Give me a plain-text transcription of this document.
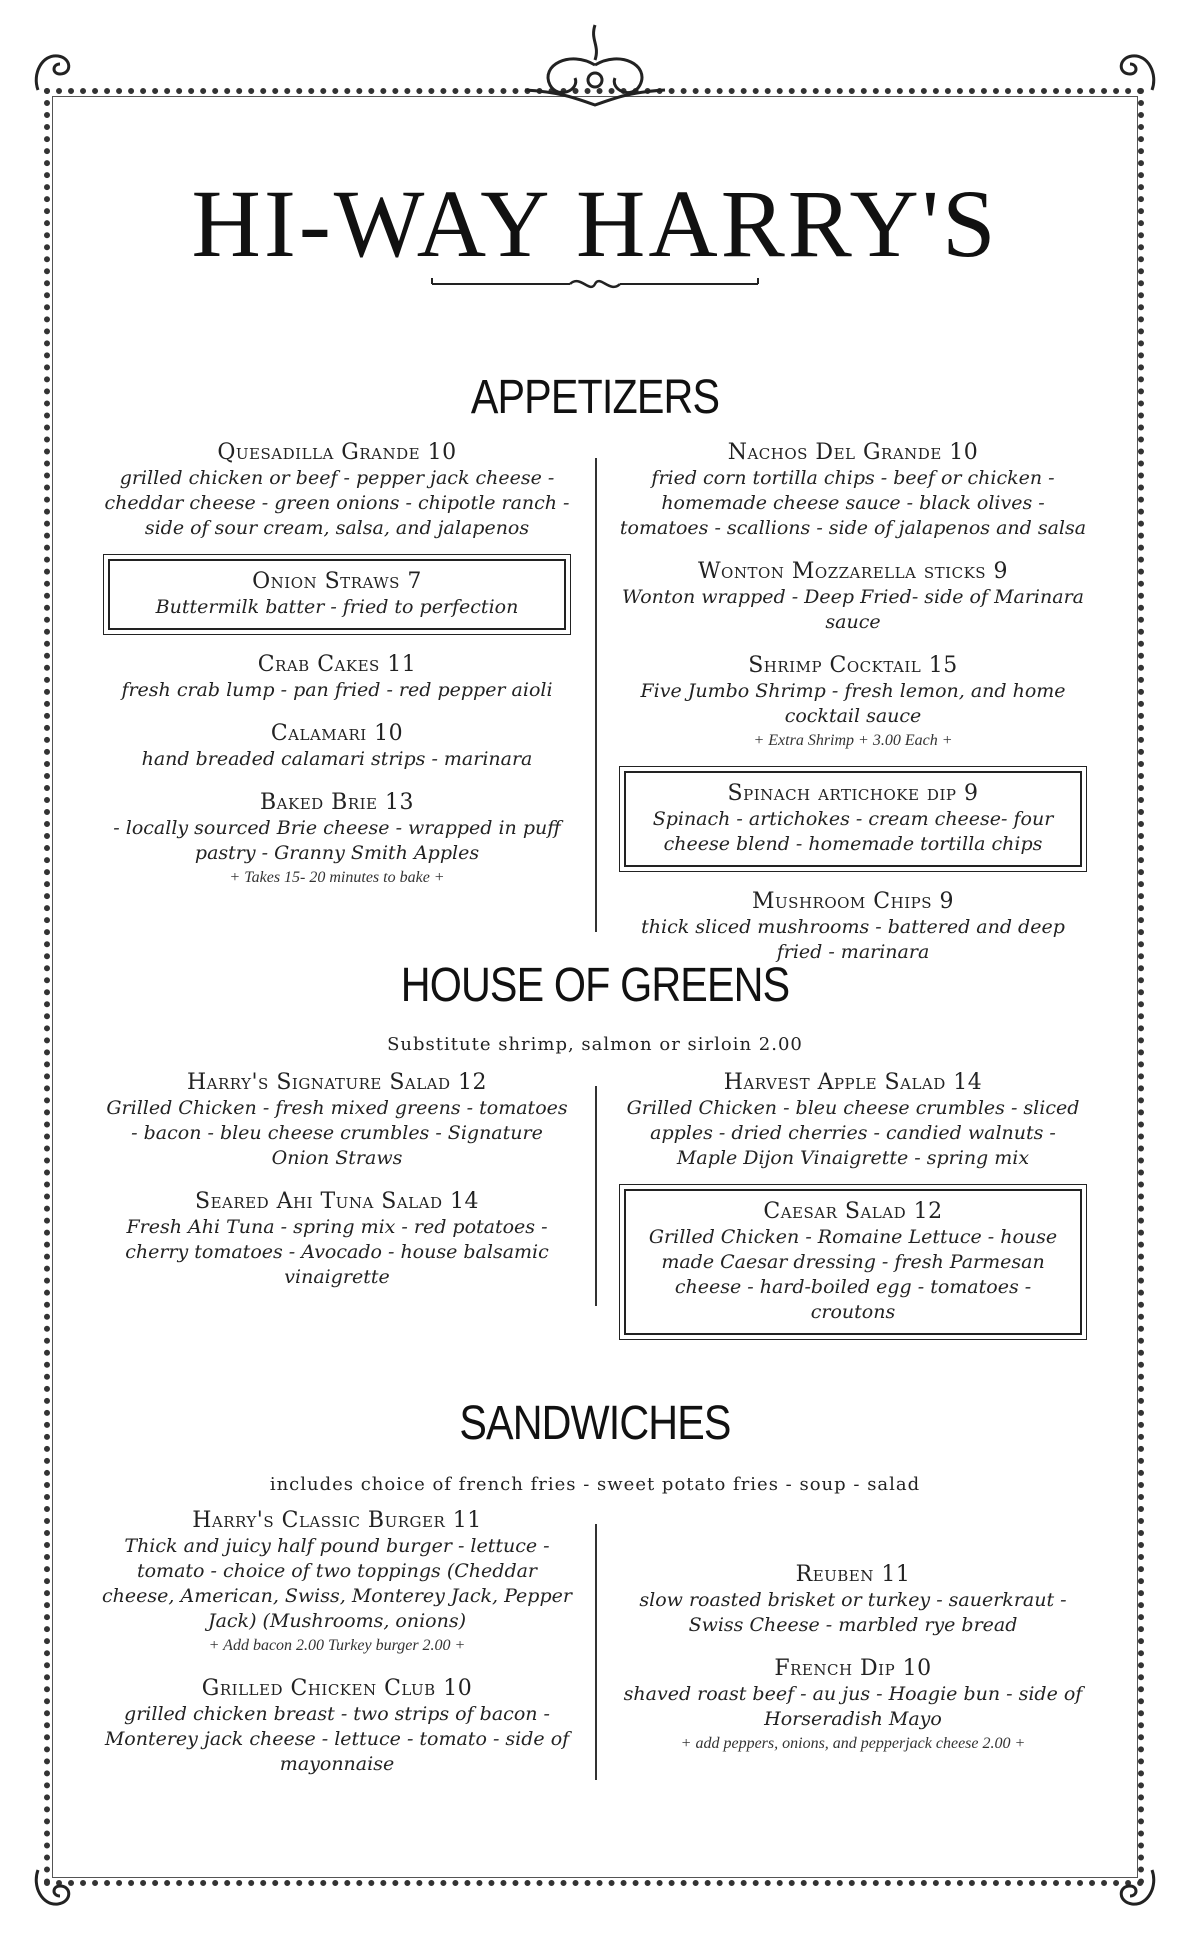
HI-WAY HARRY'S
APPETIZERS
Quesadilla Grande 10
grilled chicken or beef - pepper jack cheese - cheddar cheese - green onions - chipotle ranch - side of sour cream, salsa, and jalapenos
Onion Straws 7
Buttermilk batter - fried to perfection
Crab Cakes 11
fresh crab lump - pan fried - red pepper aioli
Calamari 10
hand breaded calamari strips - marinara
Baked Brie 13
- locally sourced Brie cheese - wrapped in puff pastry - Granny Smith Apples
+ Takes 15- 20 minutes to bake +
Nachos Del Grande 10
fried corn tortilla chips - beef or chicken - homemade cheese sauce - black olives - tomatoes - scallions - side of jalapenos and salsa
Wonton Mozzarella sticks 9
Wonton wrapped - Deep Fried- side of Marinara sauce
Shrimp Cocktail 15
Five Jumbo Shrimp - fresh lemon, and home cocktail sauce
+ Extra Shrimp + 3.00 Each +
Spinach artichoke dip 9
Spinach - artichokes - cream cheese- four cheese blend - homemade tortilla chips
Mushroom Chips 9
thick sliced mushrooms - battered and deep fried - marinara
HOUSE OF GREENS
Substitute shrimp, salmon or sirloin 2.00
Harry's Signature Salad 12
Grilled Chicken - fresh mixed greens - tomatoes - bacon - bleu cheese crumbles - Signature Onion Straws
Seared Ahi Tuna Salad 14
Fresh Ahi Tuna - spring mix - red potatoes - cherry tomatoes - Avocado - house balsamic vinaigrette
Harvest Apple Salad 14
Grilled Chicken - bleu cheese crumbles - sliced apples - dried cherries - candied walnuts - Maple Dijon Vinaigrette - spring mix
Caesar Salad 12
Grilled Chicken - Romaine Lettuce - house made Caesar dressing - fresh Parmesan cheese - hard-boiled egg - tomatoes - croutons
SANDWICHES
includes choice of french fries - sweet potato fries - soup - salad
Harry's Classic Burger 11
Thick and juicy half pound burger - lettuce - tomato - choice of two toppings (Cheddar cheese, American, Swiss, Monterey Jack, Pepper Jack) (Mushrooms, onions)
+ Add bacon 2.00 Turkey burger 2.00 +
Grilled Chicken Club 10
grilled chicken breast - two strips of bacon - Monterey jack cheese - lettuce - tomato - side of mayonnaise
Reuben 11
slow roasted brisket or turkey - sauerkraut - Swiss Cheese - marbled rye bread
French Dip 10
shaved roast beef - au jus - Hoagie bun - side of Horseradish Mayo
+ add peppers, onions, and pepperjack cheese 2.00 +
